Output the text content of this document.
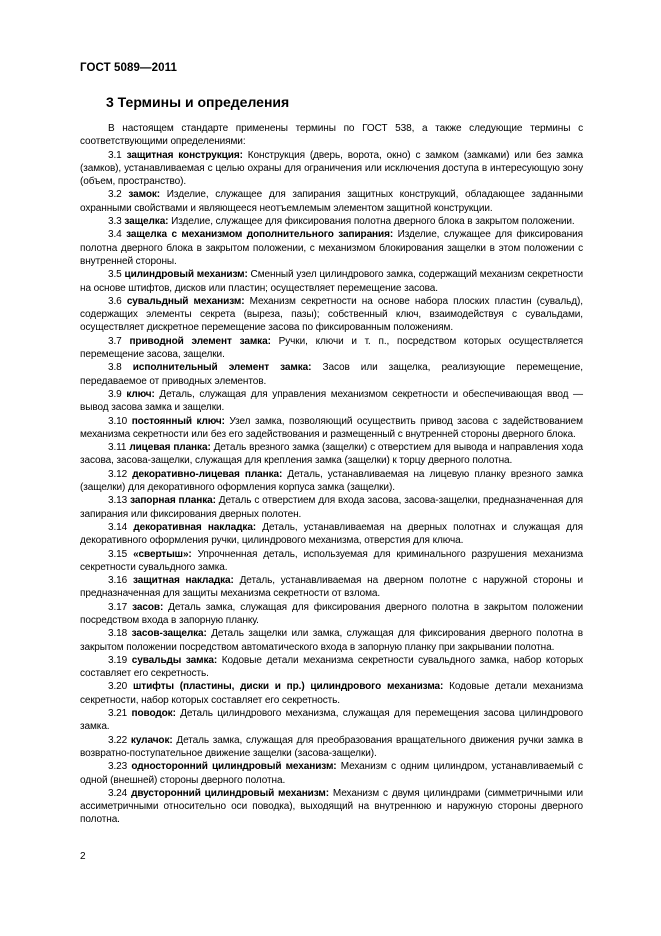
ГОСТ 5089—2011
3 Термины и определения

В настоящем стандарте применены термины по ГОСТ 538, а также следующие термины с соответствующими определениями:

3.1 защитная конструкция: Конструкция (дверь, ворота, окно) с замком (замками) или без замка (замков), устанавливаемая с целью охраны для ограничения или исключения доступа в интересующую зону (объем, пространство).

3.2 замок: Изделие, служащее для запирания защитных конструкций, обладающее заданными охранными свойствами и являющееся неотъемлемым элементом защитной конструкции.

3.3 защелка: Изделие, служащее для фиксирования полотна дверного блока в закрытом положении.

3.4 защелка с механизмом дополнительного запирания: Изделие, служащее для фиксирования полотна дверного блока в закрытом положении, с механизмом блокирования защелки в этом положении с внутренней стороны.

3.5 цилиндровый механизм: Сменный узел цилиндрового замка, содержащий механизм секретности на основе штифтов, дисков или пластин; осуществляет перемещение засова.

3.6 сувальдный механизм: Механизм секретности на основе набора плоских пластин (сувальд), содержащих элементы секрета (выреза, пазы); собственный ключ, взаимодействуя с сувальдами, осуществляет дискретное перемещение засова по фиксированным положениям.

3.7 приводной элемент замка: Ручки, ключи и т. п., посредством которых осуществляется перемещение засова, защелки.

3.8 исполнительный элемент замка: Засов или защелка, реализующие перемещение, передаваемое от приводных элементов.

3.9 ключ: Деталь, служащая для управления механизмом секретности и обеспечивающая ввод — вывод засова замка и защелки.

3.10 постоянный ключ: Узел замка, позволяющий осуществить привод засова с задействованием механизма секретности или без его задействования и размещенный с внутренней стороны дверного блока.

3.11 лицевая планка: Деталь врезного замка (защелки) с отверстием для вывода и направления хода засова, засова-защелки, служащая для крепления замка (защелки) к торцу дверного полотна.

3.12 декоративно-лицевая планка: Деталь, устанавливаемая на лицевую планку врезного замка (защелки) для декоративного оформления корпуса замка (защелки).

3.13 запорная планка: Деталь с отверстием для входа засова, засова-защелки, предназначенная для запирания или фиксирования дверных полотен.

3.14 декоративная накладка: Деталь, устанавливаемая на дверных полотнах и служащая для декоративного оформления ручки, цилиндрового механизма, отверстия для ключа.

3.15 «свертыш»: Упрочненная деталь, используемая для криминального разрушения механизма секретности сувальдного замка.

3.16 защитная накладка: Деталь, устанавливаемая на дверном полотне с наружной стороны и предназначенная для защиты механизма секретности от взлома.

3.17 засов: Деталь замка, служащая для фиксирования дверного полотна в закрытом положении посредством входа в запорную планку.

3.18 засов-защелка: Деталь защелки или замка, служащая для фиксирования дверного полотна в закрытом положении посредством автоматического входа в запорную планку при закрывании полотна.

3.19 сувальды замка: Кодовые детали механизма секретности сувальдного замка, набор которых составляет его секретность.

3.20 штифты (пластины, диски и пр.) цилиндрового механизма: Кодовые детали механизма секретности, набор которых составляет его секретность.

3.21 поводок: Деталь цилиндрового механизма, служащая для перемещения засова цилиндрового замка.

3.22 кулачок: Деталь замка, служащая для преобразования вращательного движения ручки замка в возвратно-поступательное движение защелки (засова-защелки).

3.23 односторонний цилиндровый механизм: Механизм с одним цилиндром, устанавливаемый с одной (внешней) стороны дверного полотна.

3.24 двусторонний цилиндровый механизм: Механизм с двумя цилиндрами (симметричными или ассиметричными относительно оси поводка), выходящий на внутреннюю и наружную стороны дверного полотна.

2
